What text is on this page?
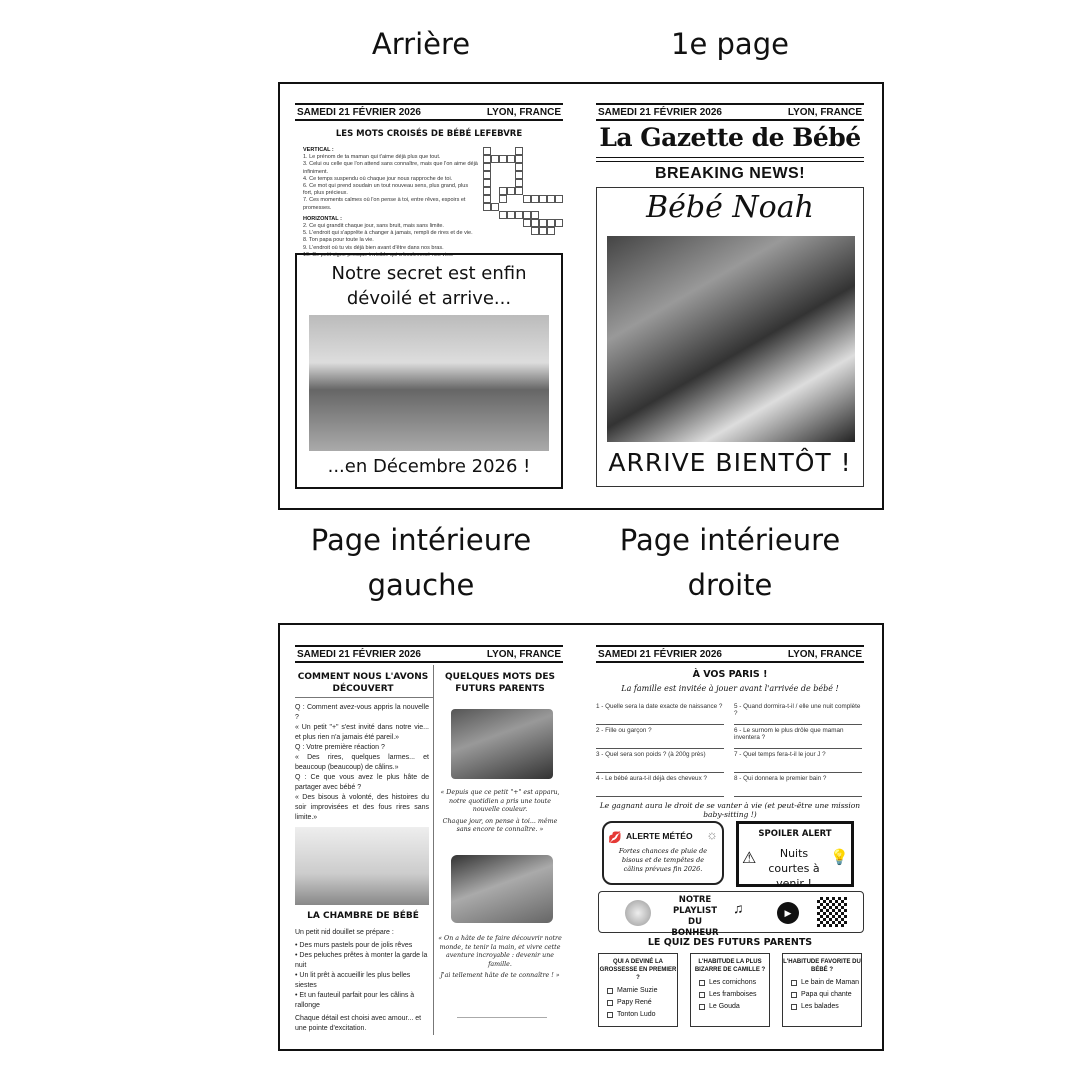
Arrière	1e page
Page intérieure
gauche
Page intérieure
droite
SAMEDI 21 FÉVRIER 2026	LYON, FRANCE
LES MOTS CROISÉS DE BÉBÉ LEFEBVRE
VERTICAL :
1. Le prénom de ta maman qui t'aime déjà plus que tout.
3. Celui ou celle que l'on attend sans connaître, mais que l'on aime déjà infiniment.
4. Ce temps suspendu où chaque jour nous rapproche de toi.
6. Ce mot qui prend soudain un tout nouveau sens, plus grand, plus fort, plus précieux.
7. Ces moments calmes où l'on pense à toi, entre rêves, espoirs et promesses.
HORIZONTAL :
2. Ce qui grandit chaque jour, sans bruit, mais sans limite.
5. L'endroit qui s'apprête à changer à jamais, rempli de rires et de vie.
8. Ton papa pour toute la vie.
9. L'endroit où tu vis déjà bien avant d'être dans nos bras.
10. Ce petit signe presque invisible qui a bouleversé nos vies.
Notre secret est enfin
dévoilé et arrive...
...en Décembre 2026 !
SAMEDI 21 FÉVRIER 2026	LYON, FRANCE
La Gazette de Bébé
BREAKING NEWS!
Bébé Noah
ARRIVE BIENTÔT !
SAMEDI 21 FÉVRIER 2026	LYON, FRANCE
COMMENT NOUS L'AVONS DÉCOUVERT
Q : Comment avez-vous appris la nouvelle ?
« Un petit "+" s'est invité dans notre vie... et plus rien n'a jamais été pareil.»
Q : Votre première réaction ?
« Des rires, quelques larmes... et beaucoup (beaucoup) de câlins.»
Q : Ce que vous avez le plus hâte de partager avec bébé ?
« Des bisous à volonté, des histoires du soir improvisées et des fous rires sans limite.»
LA CHAMBRE DE BÉBÉ
Un petit nid douillet se prépare :
• Des murs pastels pour de jolis rêves
• Des peluches prêtes à monter la garde la nuit
• Un lit prêt à accueillir les plus belles siestes
• Et un fauteuil parfait pour les câlins à rallonge
Chaque détail est choisi avec amour... et une pointe d'excitation.
QUELQUES MOTS DES FUTURS PARENTS
« Depuis que ce petit "+" est apparu, notre quotidien a pris une toute nouvelle couleur.
Chaque jour, on pense à toi... même sans encore te connaître. »
« On a hâte de te faire découvrir notre monde, te tenir la main, et vivre cette aventure incroyable : devenir une famille.
J'ai tellement hâte de te connaître ! »
SAMEDI 21 FÉVRIER 2026	LYON, FRANCE
À VOS PARIS !
La famille est invitée à jouer avant l'arrivée de bébé !
1 - Quelle sera la date exacte de naissance ?
2 - Fille ou garçon ?
3 - Quel sera son poids ? (à 200g près)
4 - Le bébé aura-t-il déjà des cheveux ?
5 - Quand dormira-t-il / elle une nuit complète ?
6 - Le surnom le plus drôle que maman inventera ?
7 - Quel temps fera-t-il le jour J ?
8 - Qui donnera le premier bain ?
Le gagnant aura le droit de se vanter à vie (et peut-être une mission baby-sitting !)
💋 ALERTE MÉTÉO ☼
Fortes chances de pluie de bisous et de tempêtes de câlins prévues fin 2026.
SPOILER ALERT
⚠	Nuits courtes à venir !
💡
NOTRE PLAYLIST DU BONHEUR
♫	▶
LE QUIZ DES FUTURS PARENTS
QUI A DEVINÉ LA GROSSESSE EN PREMIER ?
Mamie Suzie
Papy René
Tonton Ludo
L'HABITUDE LA PLUS BIZARRE DE CAMILLE ?
Les cornichons
Les framboises
Le Gouda
L'HABITUDE FAVORITE DU BÉBÉ ?
Le bain de Maman
Papa qui chante
Les balades
